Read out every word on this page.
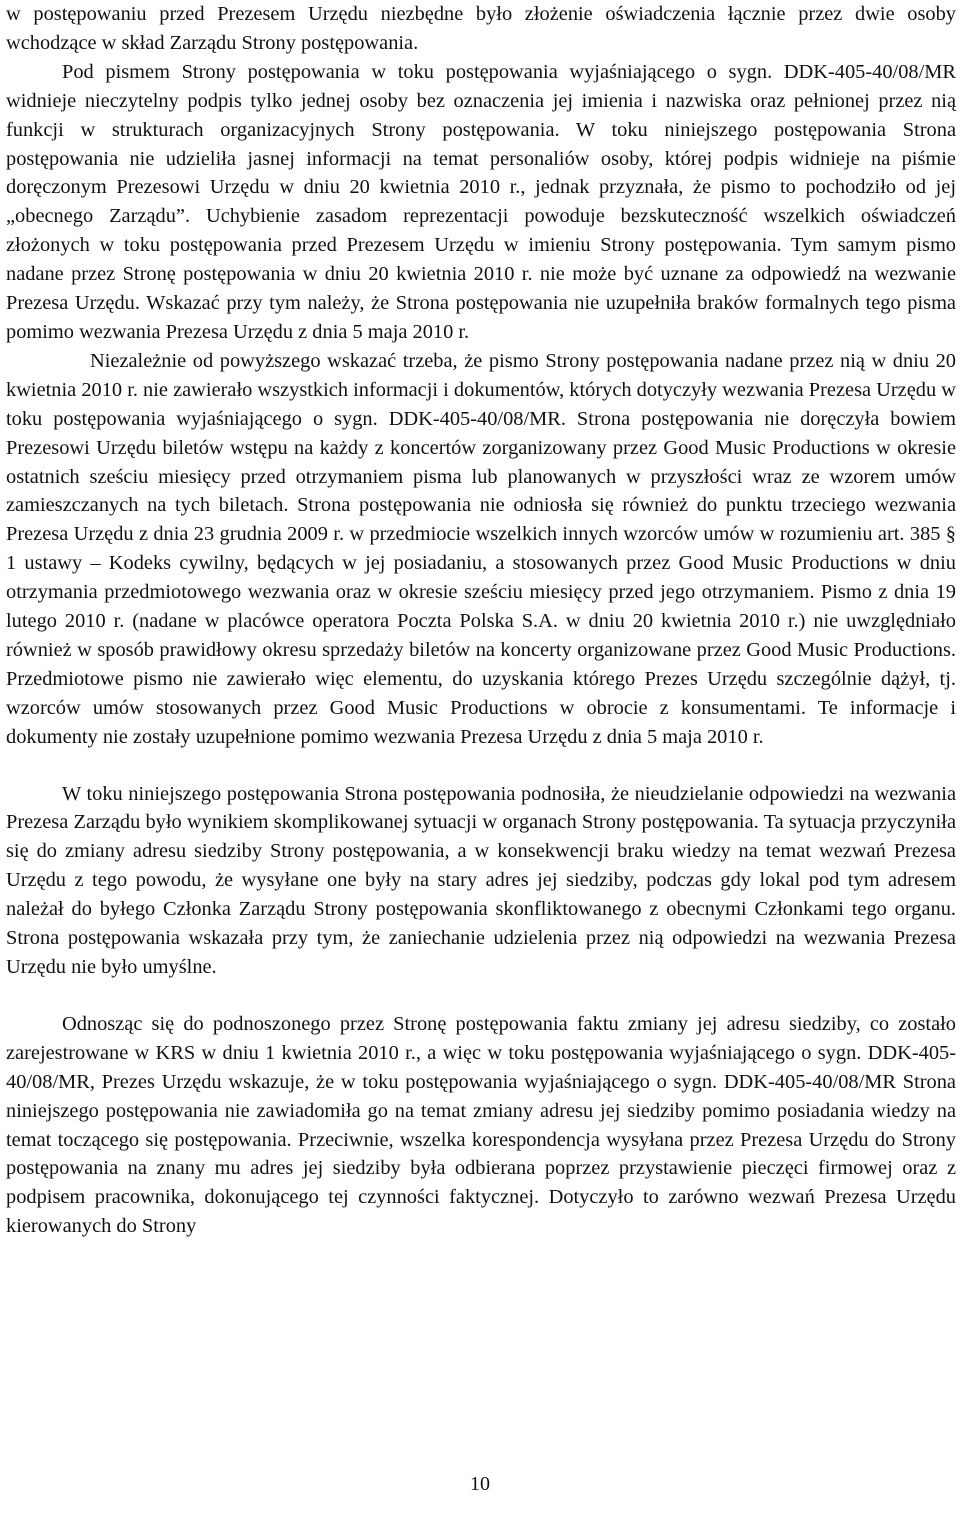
w postępowaniu przed Prezesem Urzędu niezbędne było złożenie oświadczenia łącznie przez dwie osoby wchodzące w skład Zarządu Strony postępowania.

Pod pismem Strony postępowania w toku postępowania wyjaśniającego o sygn. DDK-405-40/08/MR widnieje nieczytelny podpis tylko jednej osoby bez oznaczenia jej imienia i nazwiska oraz pełnionej przez nią funkcji w strukturach organizacyjnych Strony postępowania. W toku niniejszego postępowania Strona postępowania nie udzieliła jasnej informacji na temat personaliów osoby, której podpis widnieje na piśmie doręczonym Prezesowi Urzędu w dniu 20 kwietnia 2010 r., jednak przyznała, że pismo to pochodziło od jej „obecnego Zarządu”. Uchybienie zasadom reprezentacji powoduje bezskuteczność wszelkich oświadczeń złożonych w toku postępowania przed Prezesem Urzędu w imieniu Strony postępowania. Tym samym pismo nadane przez Stronę postępowania w dniu 20 kwietnia 2010 r. nie może być uznane za odpowiedź na wezwanie Prezesa Urzędu. Wskazać przy tym należy, że Strona postępowania nie uzupełniła braków formalnych tego pisma pomimo wezwania Prezesa Urzędu z dnia 5 maja 2010 r.

Niezależnie od powyższego wskazać trzeba, że pismo Strony postępowania nadane przez nią w dniu 20 kwietnia 2010 r. nie zawierało wszystkich informacji i dokumentów, których dotyczyły wezwania Prezesa Urzędu w toku postępowania wyjaśniającego o sygn. DDK-405-40/08/MR. Strona postępowania nie doręczyła bowiem Prezesowi Urzędu biletów wstępu na każdy z koncertów zorganizowany przez Good Music Productions w okresie ostatnich sześciu miesięcy przed otrzymaniem pisma lub planowanych w przyszłości wraz ze wzorem umów zamieszczanych na tych biletach. Strona postępowania nie odniosła się również do punktu trzeciego wezwania Prezesa Urzędu z dnia 23 grudnia 2009 r. w przedmiocie wszelkich innych wzorców umów w rozumieniu art. 385 § 1 ustawy – Kodeks cywilny, będących w jej posiadaniu, a stosowanych przez Good Music Productions w dniu otrzymania przedmiotowego wezwania oraz w okresie sześciu miesięcy przed jego otrzymaniem. Pismo z dnia 19 lutego 2010 r. (nadane w placówce operatora Poczta Polska S.A. w dniu 20 kwietnia 2010 r.) nie uwzględniało również w sposób prawidłowy okresu sprzedaży biletów na koncerty organizowane przez Good Music Productions. Przedmiotowe pismo nie zawierało więc elementu, do uzyskania którego Prezes Urzędu szczególnie dążył, tj. wzorców umów stosowanych przez Good Music Productions w obrocie z konsumentami. Te informacje i dokumenty nie zostały uzupełnione pomimo wezwania Prezesa Urzędu z dnia 5 maja 2010 r.

W toku niniejszego postępowania Strona postępowania podnosiła, że nieudzielanie odpowiedzi na wezwania Prezesa Zarządu było wynikiem skomplikowanej sytuacji w organach Strony postępowania. Ta sytuacja przyczyniła się do zmiany adresu siedziby Strony postępowania, a w konsekwencji braku wiedzy na temat wezwań Prezesa Urzędu z tego powodu, że wysyłane one były na stary adres jej siedziby, podczas gdy lokal pod tym adresem należał do byłego Członka Zarządu Strony postępowania skonfliktowanego z obecnymi Członkami tego organu. Strona postępowania wskazała przy tym, że zaniechanie udzielenia przez nią odpowiedzi na wezwania Prezesa Urzędu nie było umyślne.

Odnosząc się do podnoszonego przez Stronę postępowania faktu zmiany jej adresu siedziby, co zostało zarejestrowane w KRS w dniu 1 kwietnia 2010 r., a więc w toku postępowania wyjaśniającego o sygn. DDK-405-40/08/MR, Prezes Urzędu wskazuje, że w toku postępowania wyjaśniającego o sygn. DDK-405-40/08/MR Strona niniejszego postępowania nie zawiadomiła go na temat zmiany adresu jej siedziby pomimo posiadania wiedzy na temat toczącego się postępowania. Przeciwnie, wszelka korespondencja wysyłana przez Prezesa Urzędu do Strony postępowania na znany mu adres jej siedziby była odbierana poprzez przystawienie pieczęci firmowej oraz z podpisem pracownika, dokonującego tej czynności faktycznej. Dotyczyło to zarówno wezwań Prezesa Urzędu kierowanych do Strony

10
